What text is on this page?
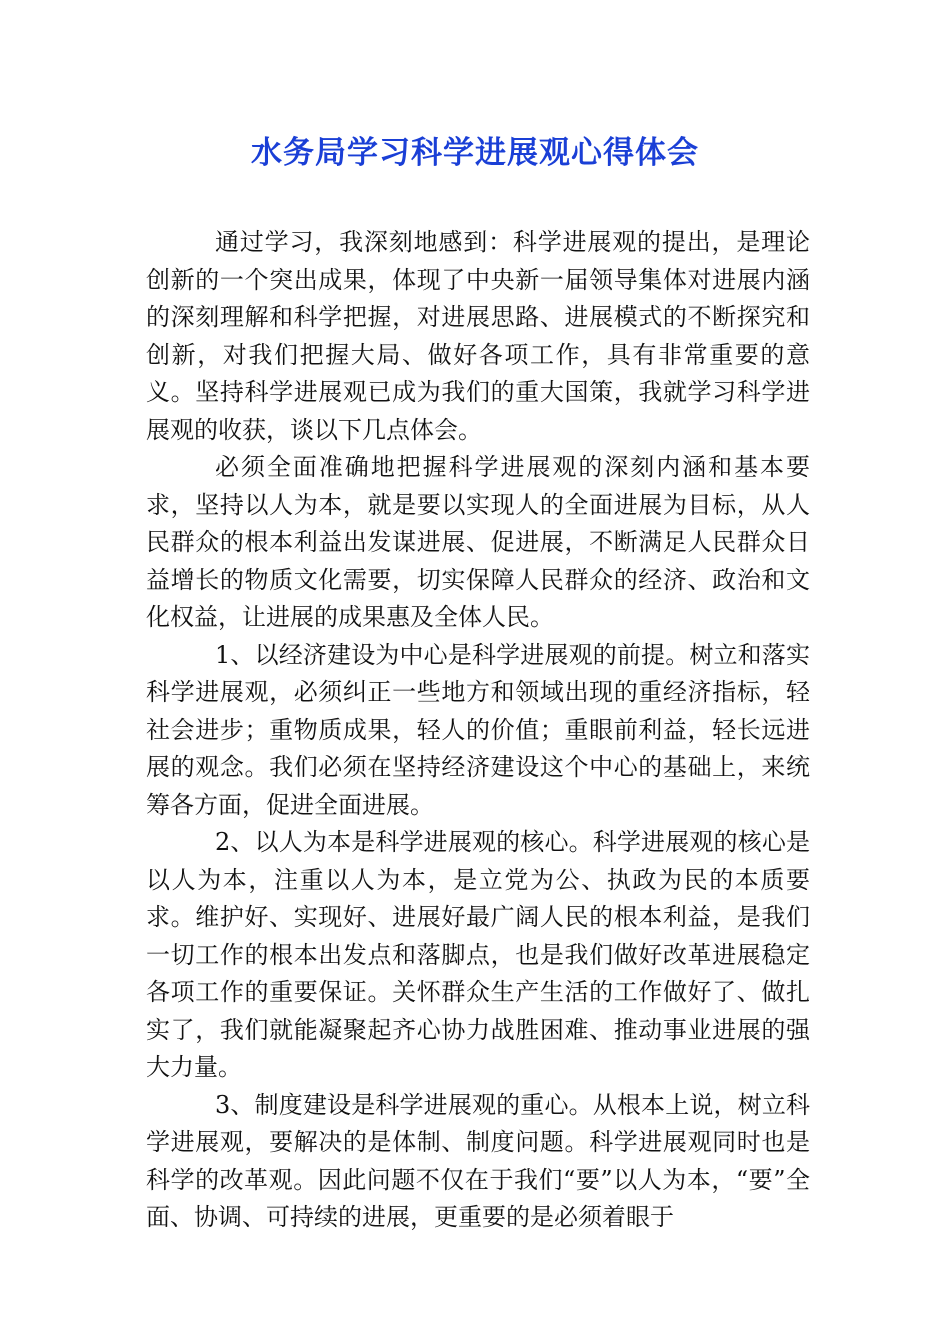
水务局学习科学进展观心得体会

通过学习，我深刻地感到：科学进展观的提出，是理论创新的一个突出成果，体现了中央新一届领导集体对进展内涵的深刻理解和科学把握，对进展思路、进展模式的不断探究和创新，对我们把握大局、做好各项工作，具有非常重要的意义。坚持科学进展观已成为我们的重大国策，我就学习科学进展观的收获，谈以下几点体会。

必须全面准确地把握科学进展观的深刻内涵和基本要求，坚持以人为本，就是要以实现人的全面进展为目标，从人民群众的根本利益出发谋进展、促进展，不断满足人民群众日益增长的物质文化需要，切实保障人民群众的经济、政治和文化权益，让进展的成果惠及全体人民。

1、以经济建设为中心是科学进展观的前提。树立和落实科学进展观，必须纠正一些地方和领域出现的重经济指标，轻社会进步；重物质成果，轻人的价值；重眼前利益，轻长远进展的观念。我们必须在坚持经济建设这个中心的基础上，来统筹各方面，促进全面进展。

2、以人为本是科学进展观的核心。科学进展观的核心是以人为本，注重以人为本，是立党为公、执政为民的本质要求。维护好、实现好、进展好最广阔人民的根本利益，是我们一切工作的根本出发点和落脚点，也是我们做好改革进展稳定各项工作的重要保证。关怀群众生产生活的工作做好了、做扎实了，我们就能凝聚起齐心协力战胜困难、推动事业进展的强大力量。

3、制度建设是科学进展观的重心。从根本上说，树立科学进展观，要解决的是体制、制度问题。科学进展观同时也是科学的改革观。因此问题不仅在于我们“要”以人为本，“要”全面、协调、可持续的进展，更重要的是必须着眼于
